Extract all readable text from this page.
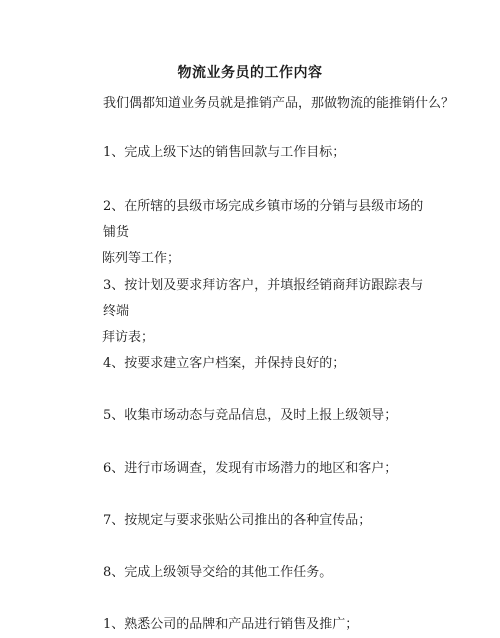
物流业务员的工作内容
我们偶都知道业务员就是推销产品，那做物流的能推销什么？
1、完成上级下达的销售回款与工作目标；
2、在所辖的县级市场完成乡镇市场的分销与县级市场的铺货
陈列等工作；
3、按计划及要求拜访客户，并填报经销商拜访跟踪表与终端
拜访表；
4、按要求建立客户档案，并保持良好的；
5、收集市场动态与竞品信息，及时上报上级领导；
6、进行市场调查，发现有市场潜力的地区和客户；
7、按规定与要求张贴公司推出的各种宣传品；
8、完成上级领导交给的其他工作任务。
1、熟悉公司的品牌和产品进行销售及推广；
